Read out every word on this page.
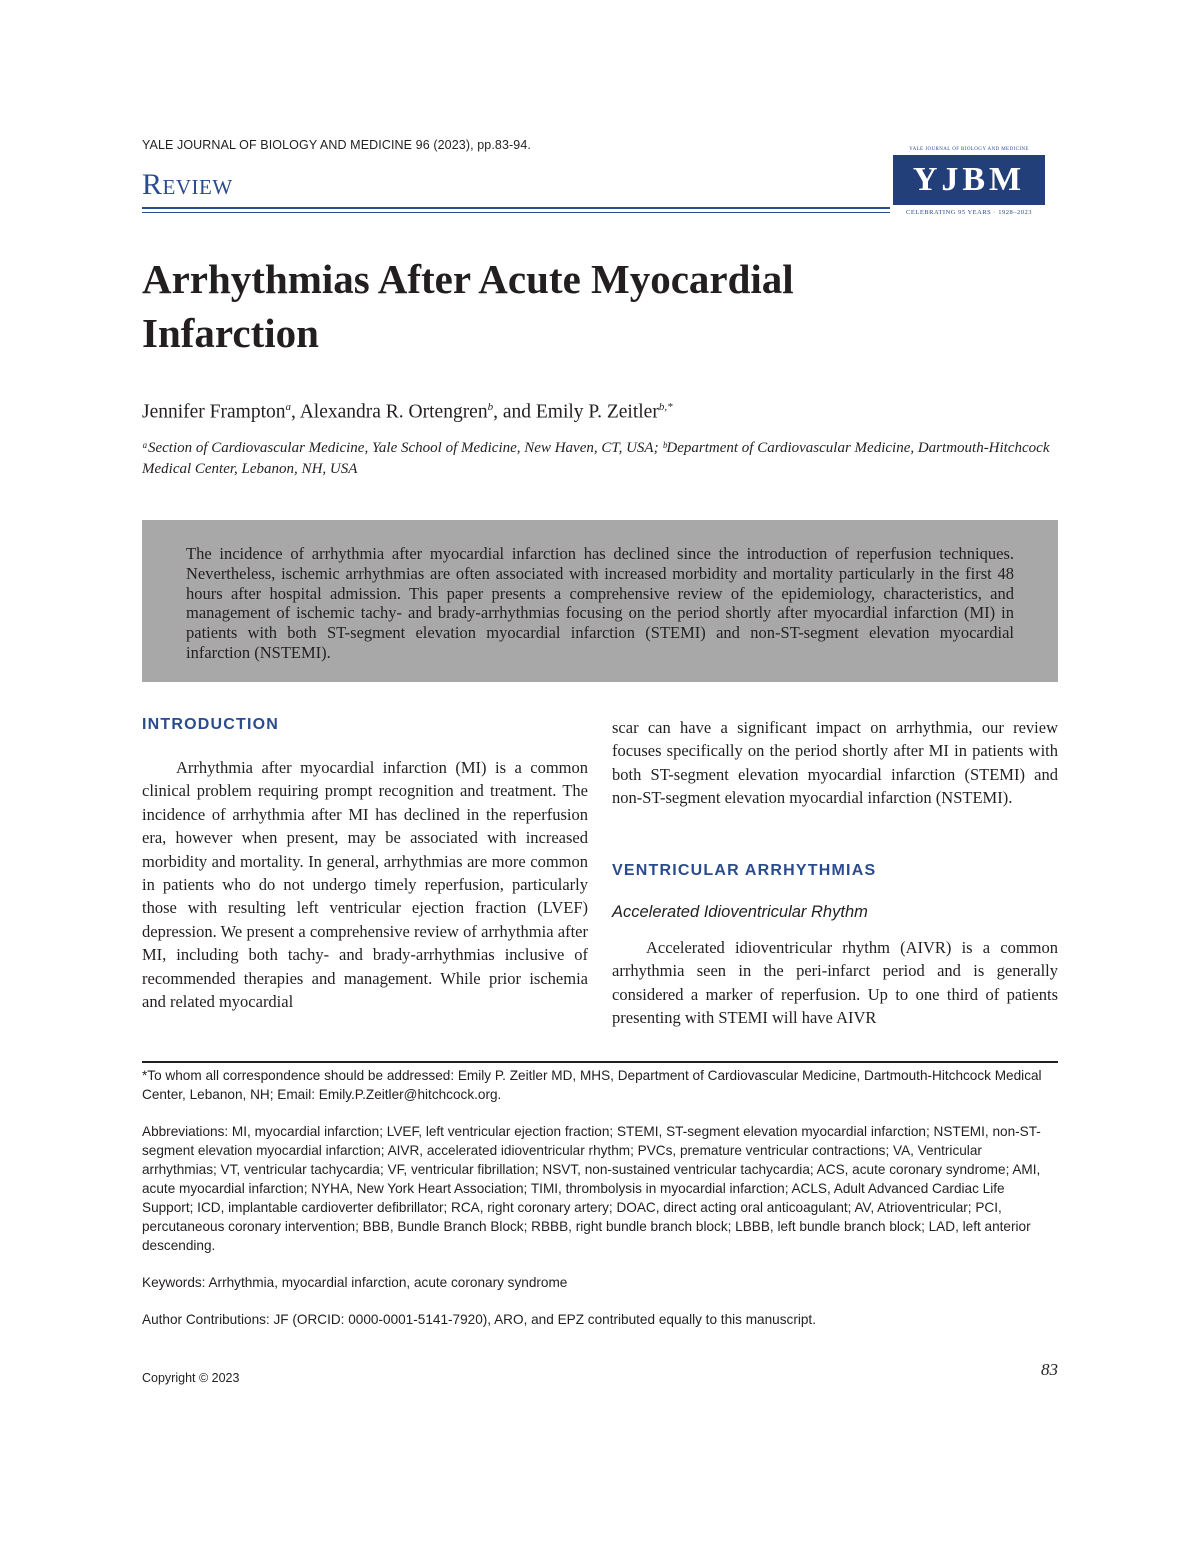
YALE JOURNAL OF BIOLOGY AND MEDICINE 96 (2023), pp.83-94.
Review
YALE JOURNAL OF BIOLOGY AND MEDICINE
YJBM
CELEBRATING 95 YEARS · 1928–2023
Arrhythmias After Acute Myocardial Infarction
Jennifer Frampton$^a$, Alexandra R. Ortengren$^b$, and Emily P. Zeitler$^{b,*}$
ᵃSection of Cardiovascular Medicine, Yale School of Medicine, New Haven, CT, USA; ᵇDepartment of Cardiovascular Medicine, Dartmouth-Hitchcock Medical Center, Lebanon, NH, USA
The incidence of arrhythmia after myocardial infarction has declined since the introduction of reperfusion techniques. Nevertheless, ischemic arrhythmias are often associated with increased morbidity and mortality particularly in the first 48 hours after hospital admission. This paper presents a comprehensive review of the epidemiology, characteristics, and management of ischemic tachy- and brady-arrhythmias focusing on the period shortly after myocardial infarction (MI) in patients with both ST-segment elevation myocardial infarction (STEMI) and non-ST-segment elevation myocardial infarction (NSTEMI).
INTRODUCTION
Arrhythmia after myocardial infarction (MI) is a common clinical problem requiring prompt recognition and treatment. The incidence of arrhythmia after MI has declined in the reperfusion era, however when present, may be associated with increased morbidity and mortality. In general, arrhythmias are more common in patients who do not undergo timely reperfusion, particularly those with resulting left ventricular ejection fraction (LVEF) depression. We present a comprehensive review of arrhythmia after MI, including both tachy- and brady-arrhythmias inclusive of recommended therapies and management. While prior ischemia and related myocardial
scar can have a significant impact on arrhythmia, our review focuses specifically on the period shortly after MI in patients with both ST-segment elevation myocardial infarction (STEMI) and non-ST-segment elevation myocardial infarction (NSTEMI).
VENTRICULAR ARRHYTHMIAS
Accelerated Idioventricular Rhythm
Accelerated idioventricular rhythm (AIVR) is a common arrhythmia seen in the peri-infarct period and is generally considered a marker of reperfusion. Up to one third of patients presenting with STEMI will have AIVR
*To whom all correspondence should be addressed: Emily P. Zeitler MD, MHS, Department of Cardiovascular Medicine, Dartmouth-Hitchcock Medical Center, Lebanon, NH; Email: Emily.P.Zeitler@hitchcock.org.
Abbreviations: MI, myocardial infarction; LVEF, left ventricular ejection fraction; STEMI, ST-segment elevation myocardial infarction; NSTEMI, non-ST-segment elevation myocardial infarction; AIVR, accelerated idioventricular rhythm; PVCs, premature ventricular contractions; VA, Ventricular arrhythmias; VT, ventricular tachycardia; VF, ventricular fibrillation; NSVT, non-sustained ventricular tachycardia; ACS, acute coronary syndrome; AMI, acute myocardial infarction; NYHA, New York Heart Association; TIMI, thrombolysis in myocardial infarction; ACLS, Adult Advanced Cardiac Life Support; ICD, implantable cardioverter defibrillator; RCA, right coronary artery; DOAC, direct acting oral anticoagulant; AV, Atrioventricular; PCI, percutaneous coronary intervention; BBB, Bundle Branch Block; RBBB, right bundle branch block; LBBB, left bundle branch block; LAD, left anterior descending.
Keywords: Arrhythmia, myocardial infarction, acute coronary syndrome
Author Contributions: JF (ORCID: 0000-0001-5141-7920), ARO, and EPZ contributed equally to this manuscript.
Copyright © 2023	83
